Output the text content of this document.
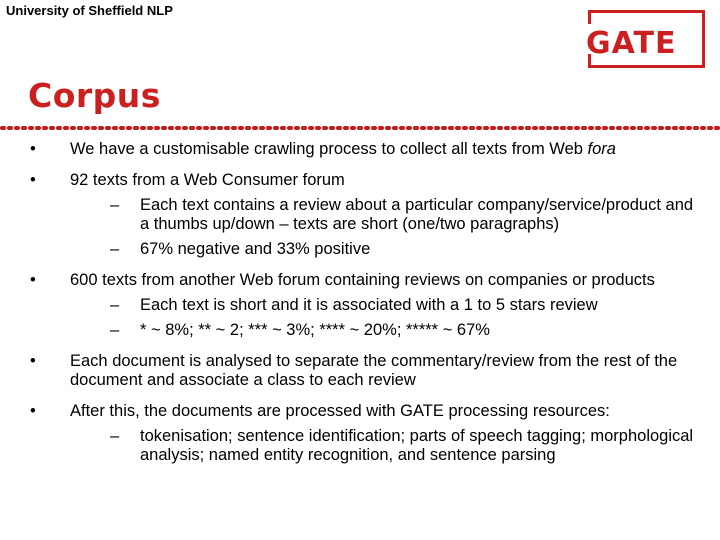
University of Sheffield NLP
GATE
Corpus
•	We have a customisable crawling process to collect all texts from Web fora
•	92 texts from a Web Consumer forum
– Each text contains a review about a particular company/service/product and a thumbs up/down – texts are short (one/two paragraphs)
– 67% negative and 33% positive
•	600 texts from another Web forum containing reviews on companies or products
– Each text is short and it is associated with a 1 to 5 stars review
– * ~ 8%; ** ~ 2; *** ~ 3%; **** ~ 20%; ***** ~ 67%
•	Each document is analysed to separate the commentary/review from the rest of the document and associate a class to each review
•	After this, the documents are processed with GATE processing resources:
– tokenisation; sentence identification; parts of speech tagging; morphological analysis; named entity recognition, and sentence parsing
